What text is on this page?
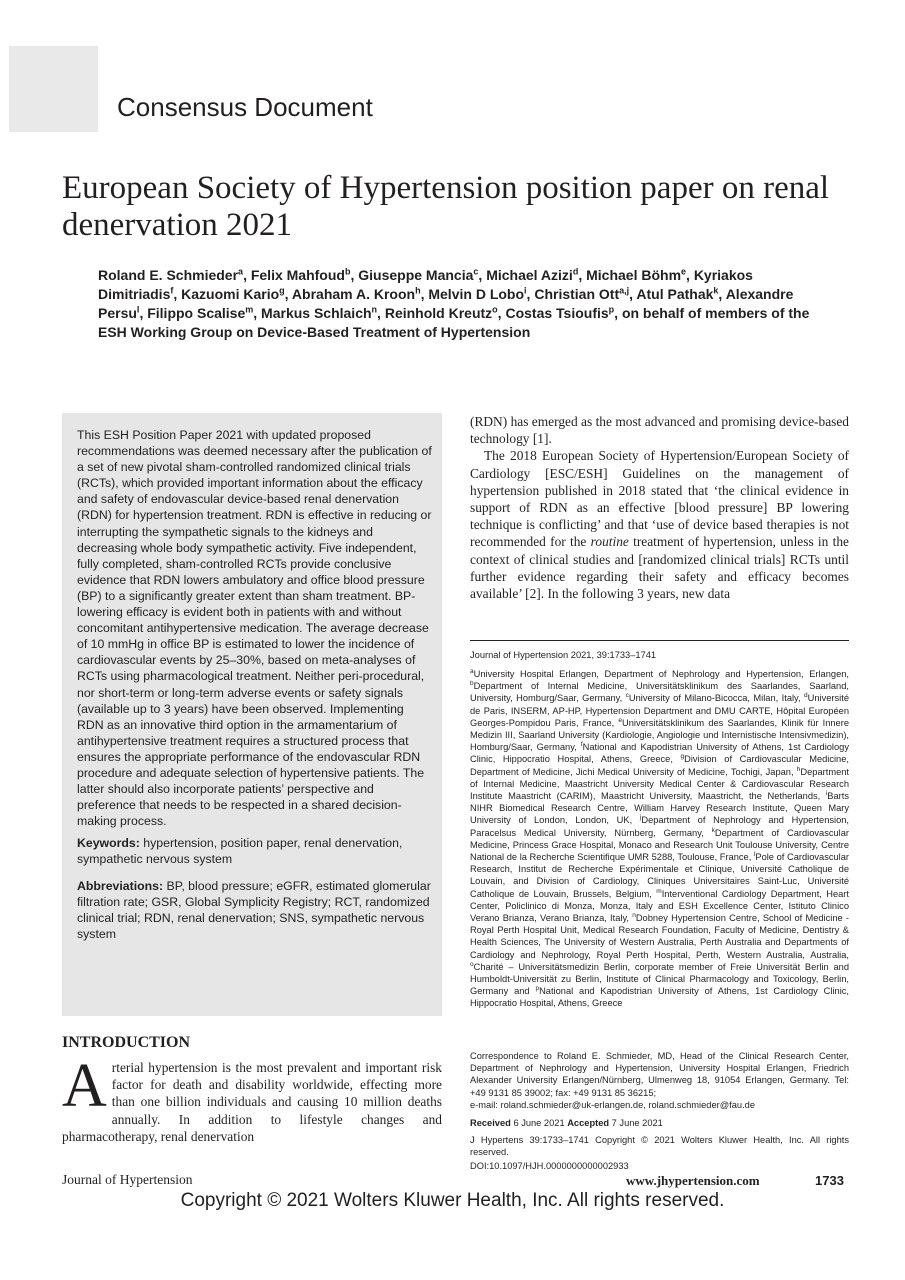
Consensus Document
European Society of Hypertension position paper on renal denervation 2021
Roland E. Schmieder$^a$, Felix Mahfoud$^b$, Giuseppe Mancia$^c$, Michael Azizi$^d$, Michael Böhm$^e$, Kyriakos Dimitriadis$^f$, Kazuomi Kario$^g$, Abraham A. Kroon$^h$, Melvin D Lobo$^i$, Christian Ott$^{a,j}$, Atul Pathak$^k$, Alexandre Persu$^l$, Filippo Scalise$^m$, Markus Schlaich$^n$, Reinhold Kreutz$^o$, Costas Tsioufis$^p$, on behalf of members of the ESH Working Group on Device-Based Treatment of Hypertension

This ESH Position Paper 2021 with updated proposed recommendations was deemed necessary after the publication of a set of new pivotal sham-controlled randomized clinical trials (RCTs), which provided important information about the efficacy and safety of endovascular device-based renal denervation (RDN) for hypertension treatment. RDN is effective in reducing or interrupting the sympathetic signals to the kidneys and decreasing whole body sympathetic activity. Five independent, fully completed, sham-controlled RCTs provide conclusive evidence that RDN lowers ambulatory and office blood pressure (BP) to a significantly greater extent than sham treatment. BP-lowering efficacy is evident both in patients with and without concomitant antihypertensive medication. The average decrease of 10 mmHg in office BP is estimated to lower the incidence of cardiovascular events by 25–30%, based on meta-analyses of RCTs using pharmacological treatment. Neither peri-procedural, nor short-term or long-term adverse events or safety signals (available up to 3 years) have been observed. Implementing RDN as an innovative third option in the armamentarium of antihypertensive treatment requires a structured process that ensures the appropriate performance of the endovascular RDN procedure and adequate selection of hypertensive patients. The latter should also incorporate patients’ perspective and preference that needs to be respected in a shared decision-making process.

Keywords: hypertension, position paper, renal denervation, sympathetic nervous system

Abbreviations: BP, blood pressure; eGFR, estimated glomerular filtration rate; GSR, Global Symplicity Registry; RCT, randomized clinical trial; RDN, renal denervation; SNS, sympathetic nervous system

INTRODUCTION
Arterial hypertension is the most prevalent and important risk factor for death and disability worldwide, effecting more than one billion individuals and causing 10 million deaths annually. In addition to lifestyle changes and pharmacotherapy, renal denervation

(RDN) has emerged as the most advanced and promising device-based technology [1].

The 2018 European Society of Hypertension/European Society of Cardiology [ESC/ESH] Guidelines on the management of hypertension published in 2018 stated that ‘the clinical evidence in support of RDN as an effective [blood pressure] BP lowering technique is conflicting’ and that ‘use of device based therapies is not recommended for the routine treatment of hypertension, unless in the context of clinical studies and [randomized clinical trials] RCTs until further evidence regarding their safety and efficacy becomes available’ [2]. In the following 3 years, new data

Journal of Hypertension 2021, 39:1733–1741

$^a$University Hospital Erlangen, Department of Nephrology and Hypertension, Erlangen, $^b$Department of Internal Medicine, Universitätsklinikum des Saarlandes, Saarland, University, Homburg/Saar, Germany, $^c$University of Milano-Bicocca, Milan, Italy, $^d$Université de Paris, INSERM, AP-HP, Hypertension Department and DMU CARTE, Hôpital Européen Georges-Pompidou Paris, France, $^e$Universitätsklinikum des Saarlandes, Klinik für Innere Medizin III, Saarland University (Kardiologie, Angiologie und Internistische Intensivmedizin), Homburg/Saar, Germany, $^f$National and Kapodistrian University of Athens, 1st Cardiology Clinic, Hippocratio Hospital, Athens, Greece, $^g$Division of Cardiovascular Medicine, Department of Medicine, Jichi Medical University of Medicine, Tochigi, Japan, $^h$Department of Internal Medicine, Maastricht University Medical Center & Cardiovascular Research Institute Maastricht (CARIM), Maastricht University, Maastricht, the Netherlands, $^i$Barts NIHR Biomedical Research Centre, William Harvey Research Institute, Queen Mary University of London, London, UK, $^j$Department of Nephrology and Hypertension, Paracelsus Medical University, Nürnberg, Germany, $^k$Department of Cardiovascular Medicine, Princess Grace Hospital, Monaco and Research Unit Toulouse University, Centre National de la Recherche Scientifique UMR 5288, Toulouse, France, $^l$Pole of Cardiovascular Research, Institut de Recherche Expérimentale et Clinique, Université Catholique de Louvain, and Division of Cardiology, Cliniques Universitaires Saint-Luc, Université Catholique de Louvain, Brussels, Belgium, $^m$Interventional Cardiology Department, Heart Center, Policlinico di Monza, Monza, Italy and ESH Excellence Center, Istituto Clinico Verano Brianza, Verano Brianza, Italy, $^n$Dobney Hypertension Centre, School of Medicine - Royal Perth Hospital Unit, Medical Research Foundation, Faculty of Medicine, Dentistry & Health Sciences, The University of Western Australia, Perth Australia and Departments of Cardiology and Nephrology, Royal Perth Hospital, Perth, Western Australia, Australia, $^o$Charité – Universitätsmedizin Berlin, corporate member of Freie Universität Berlin and Humboldt-Universität zu Berlin, Institute of Clinical Pharmacology and Toxicology, Berlin, Germany and $^p$National and Kapodistrian University of Athens, 1st Cardiology Clinic, Hippocratio Hospital, Athens, Greece

Correspondence to Roland E. Schmieder, MD, Head of the Clinical Research Center, Department of Nephrology and Hypertension, University Hospital Erlangen, Friedrich Alexander University Erlangen/Nürnberg, Ulmenweg 18, 91054 Erlangen, Germany. Tel: +49 9131 85 39002; fax: +49 9131 85 36215;

e-mail: roland.schmieder@uk-erlangen.de, roland.schmieder@fau.de

Received 6 June 2021 Accepted 7 June 2021
J Hypertens 39:1733–1741 Copyright © 2021 Wolters Kluwer Health, Inc. All rights reserved.
DOI:10.1097/HJH.0000000000002933
Journal of Hypertension	www.jhypertension.com	1733
Copyright © 2021 Wolters Kluwer Health, Inc. All rights reserved.
